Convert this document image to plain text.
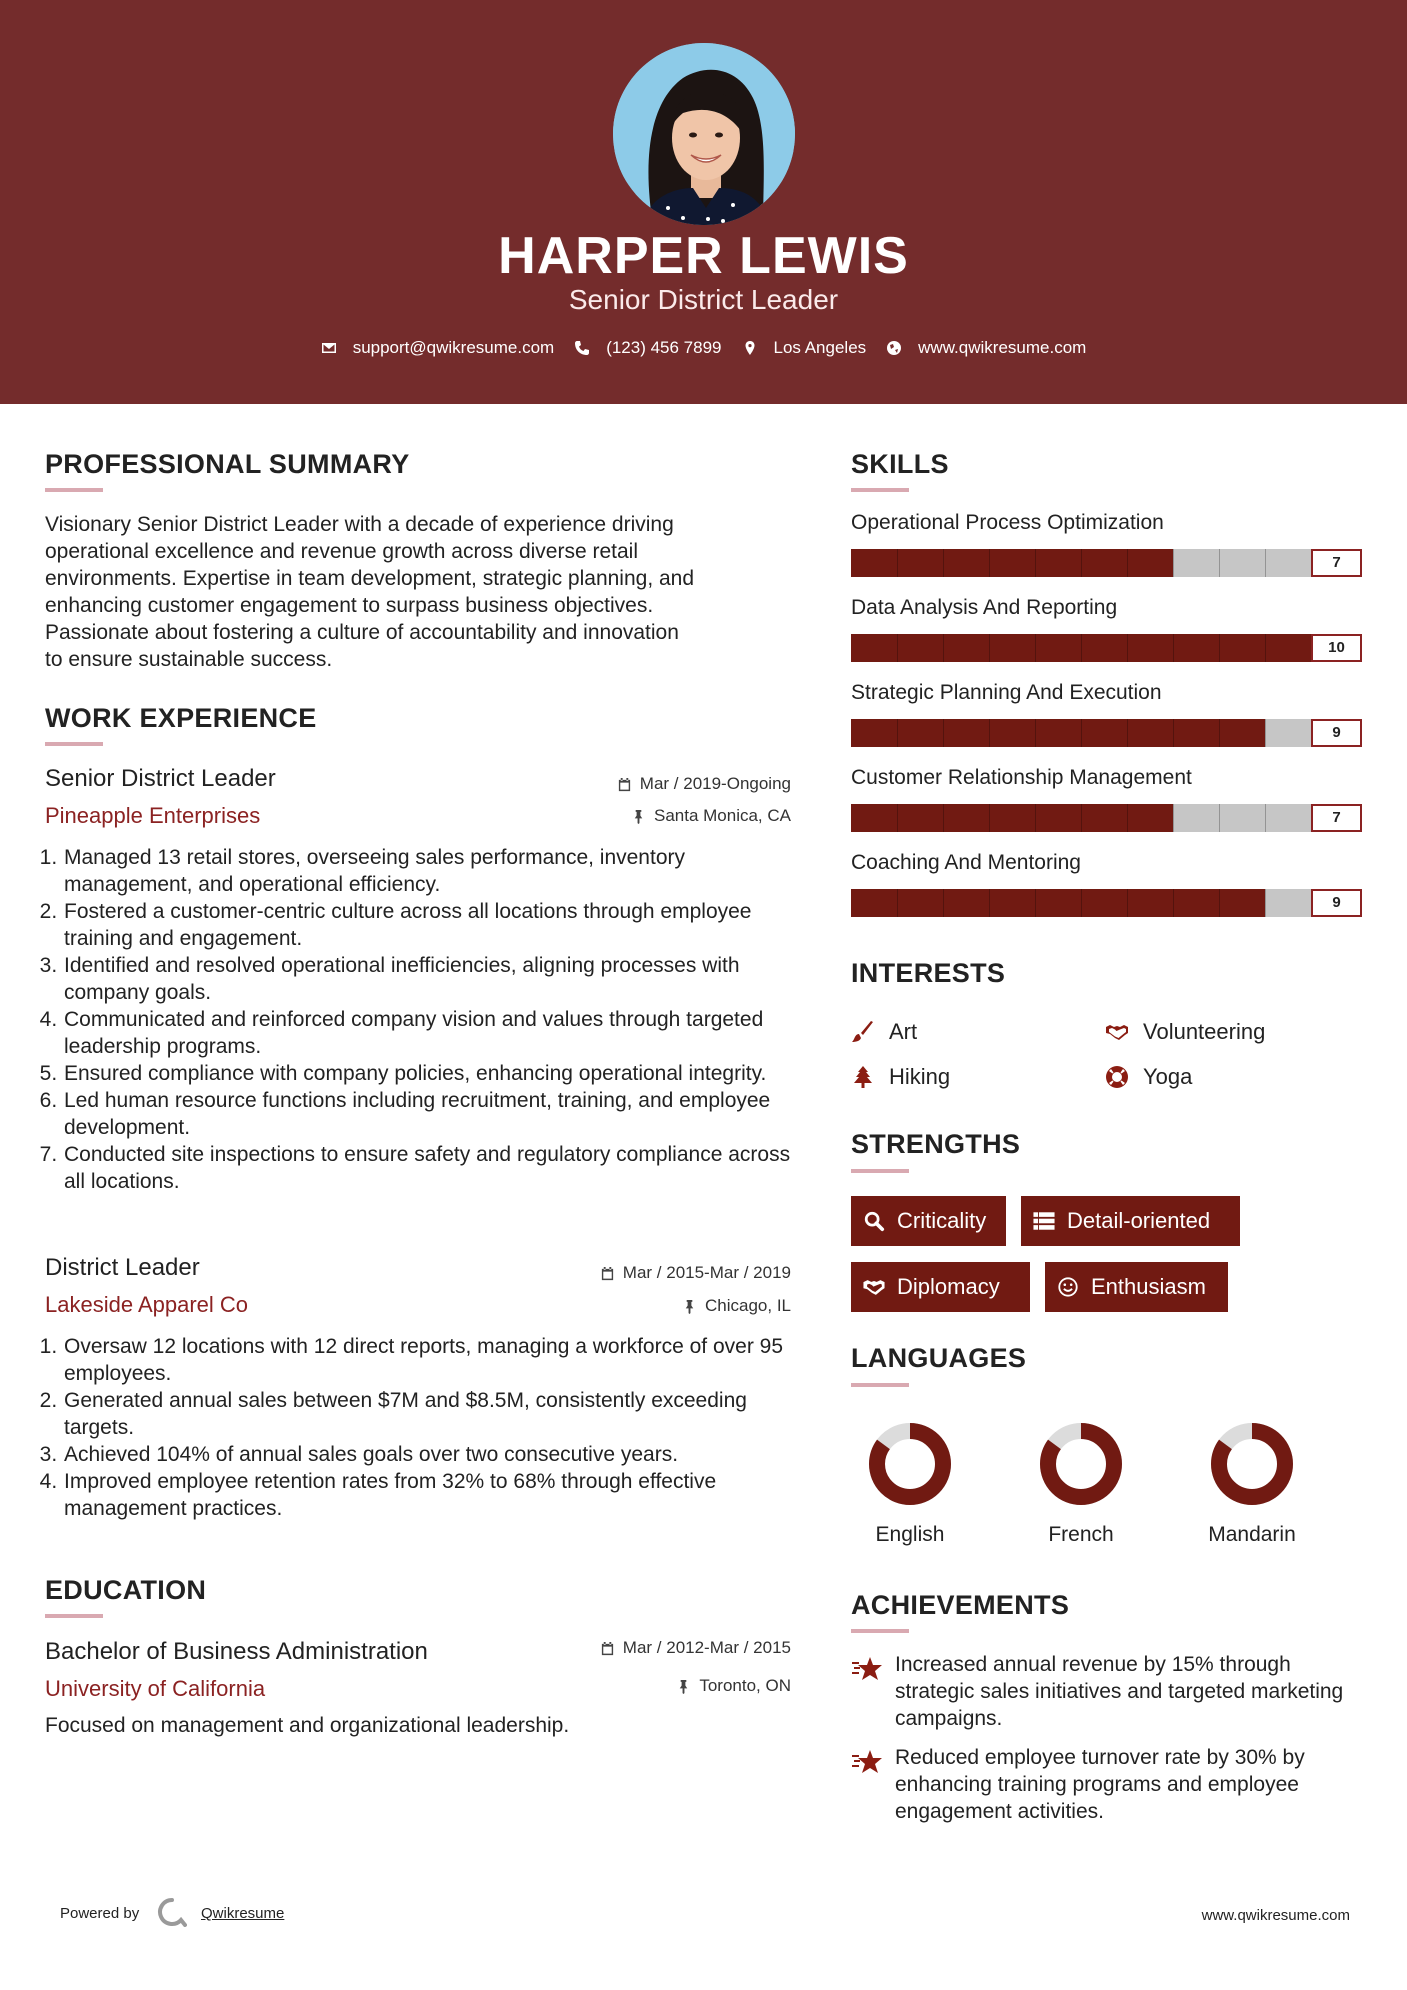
HARPER LEWIS
Senior District Leader
support@qwikresume.com	(123) 456 7899	Los Angeles	www.qwikresume.com
PROFESSIONAL SUMMARY
Visionary Senior District Leader with a decade of experience driving
operational excellence and revenue growth across diverse retail
environments. Expertise in team development, strategic planning, and
enhancing customer engagement to surpass business objectives.
Passionate about fostering a culture of accountability and innovation
to ensure sustainable success.
WORK EXPERIENCE
Senior District Leader	Mar / 2019-Ongoing
Pineapple Enterprises	Santa Monica, CA
1. Managed 13 retail stores, overseeing sales performance, inventory management, and operational efficiency.
2. Fostered a customer-centric culture across all locations through employee training and engagement.
3. Identified and resolved operational inefficiencies, aligning processes with company goals.
4. Communicated and reinforced company vision and values through targeted leadership programs.
5. Ensured compliance with company policies, enhancing operational integrity.
6. Led human resource functions including recruitment, training, and employee development.
7. Conducted site inspections to ensure safety and regulatory compliance across all locations.
District Leader	Mar / 2015-Mar / 2019
Lakeside Apparel Co	Chicago, IL
1. Oversaw 12 locations with 12 direct reports, managing a workforce of over 95 employees.
2. Generated annual sales between $7M and $8.5M, consistently exceeding targets.
3. Achieved 104% of annual sales goals over two consecutive years.
4. Improved employee retention rates from 32% to 68% through effective management practices.
EDUCATION
Bachelor of Business Administration	Mar / 2012-Mar / 2015
University of California	Toronto, ON
Focused on management and organizational leadership.
SKILLS
Operational Process Optimization
7
Data Analysis And Reporting
10
Strategic Planning And Execution
9
Customer Relationship Management
7
Coaching And Mentoring
9
INTERESTS
Art	Volunteering
Hiking	Yoga
STRENGTHS
Criticality	Detail-oriented
Diplomacy	Enthusiasm
LANGUAGES
English	French	Mandarin
ACHIEVEMENTS
Increased annual revenue by 15% through strategic sales initiatives and targeted marketing campaigns.
Reduced employee turnover rate by 30% by enhancing training programs and employee engagement activities.
Powered by	Qwikresume	www.qwikresume.com
